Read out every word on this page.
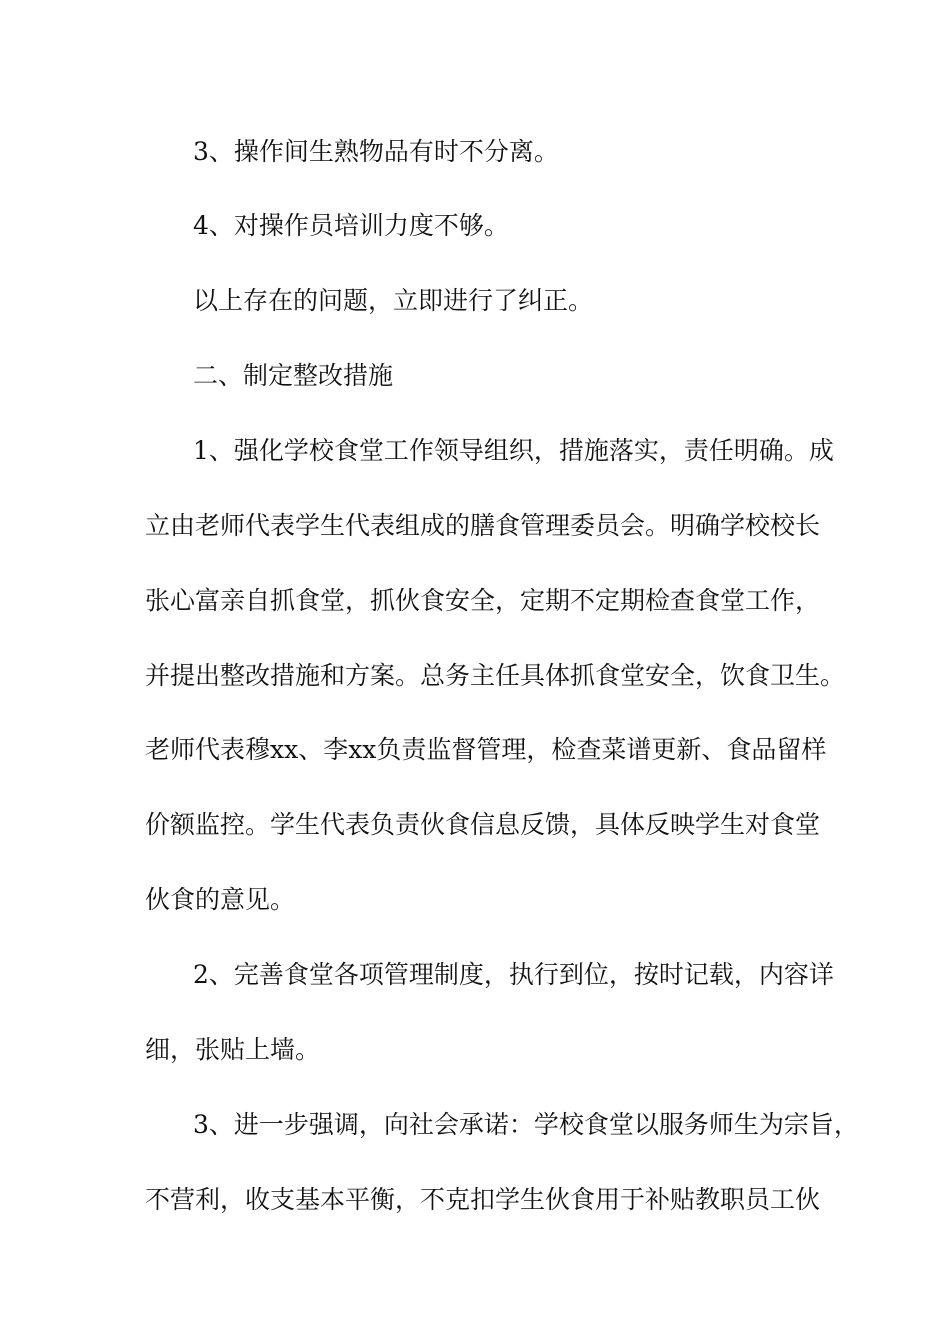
3、操作间生熟物品有时不分离。
4、对操作员培训力度不够。
以上存在的问题，立即进行了纠正。
二、制定整改措施
1、强化学校食堂工作领导组织，措施落实，责任明确。成
立由老师代表学生代表组成的膳食管理委员会。明确学校校长
张心富亲自抓食堂，抓伙食安全，定期不定期检查食堂工作，
并提出整改措施和方案。总务主任具体抓食堂安全，饮食卫生。
老师代表穆xx、李xx负责监督管理，检查菜谱更新、食品留样
价额监控。学生代表负责伙食信息反馈，具体反映学生对食堂
伙食的意见。
2、完善食堂各项管理制度，执行到位，按时记载，内容详
细，张贴上墙。
3、进一步强调，向社会承诺：学校食堂以服务师生为宗旨，
不营利，收支基本平衡，不克扣学生伙食用于补贴教职员工伙
